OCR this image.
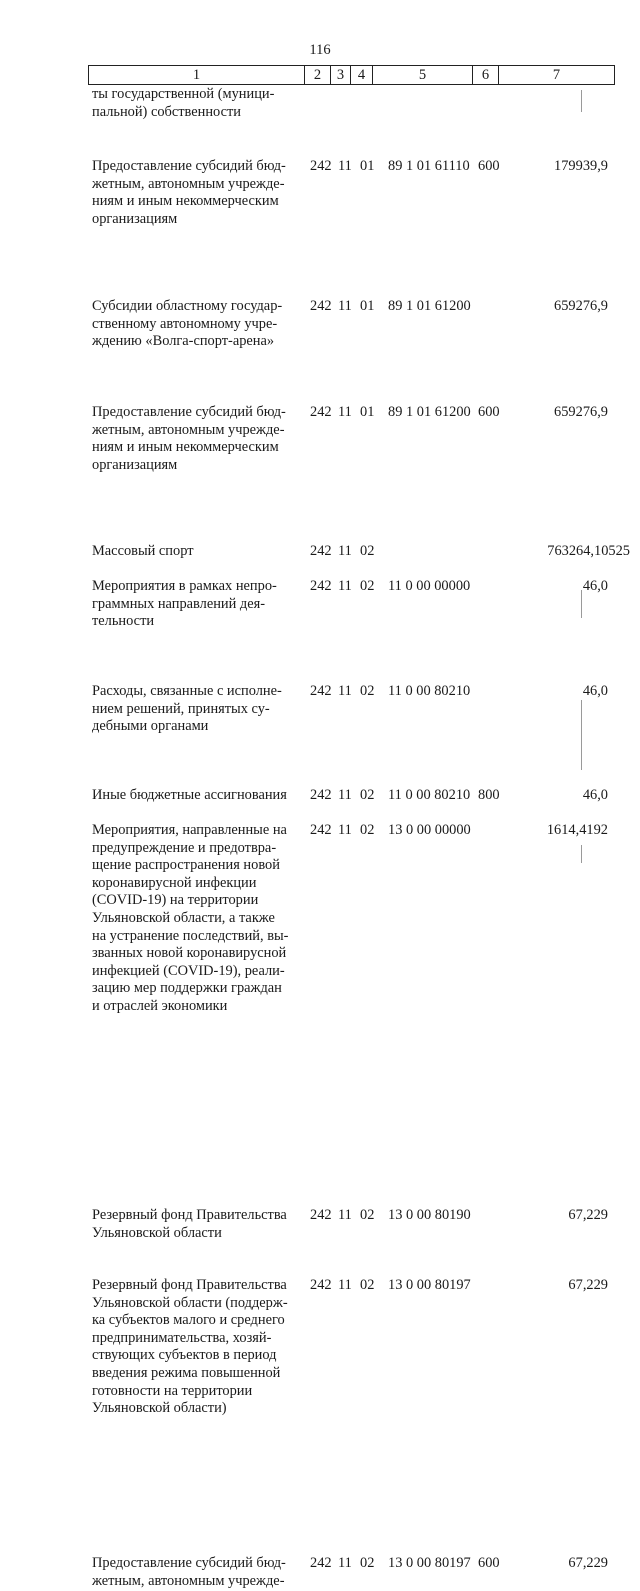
116
1	2	3	4	5	6	7
ты государственной (муници-
пальной) собственности
Предоставление субсидий бюд-
жетным, автономным учрежде-
ниям и иным некоммерческим
организациям
242 11 01 89 1 01 61110 600	179939,9
Субсидии областному государ-
ственному автономному учре-
ждению «Волга-спорт-арена»
242 11 01 89 1 01 61200	659276,9
Предоставление субсидий бюд-
жетным, автономным учрежде-
ниям и иным некоммерческим
организациям
242 11 01 89 1 01 61200 600	659276,9
Массовый спорт	242 11 02	763264,10525
Мероприятия в рамках непро-
граммных направлений дея-
тельности
242 11 02 11 0 00 00000	46,0
Расходы, связанные с исполне-
нием решений, принятых су-
дебными органами
242 11 02 11 0 00 80210	46,0
Иные бюджетные ассигнования	242 11 02 11 0 00 80210 800	46,0
Мероприятия, направленные на
предупреждение и предотвра-
щение распространения новой
коронавирусной инфекции
(COVID-19) на территории
Ульяновской области, а также
на устранение последствий, вы-
званных новой коронавирусной
инфекцией (COVID-19), реали-
зацию мер поддержки граждан
и отраслей экономики
242 11 02 13 0 00 00000	1614,4192
Резервный фонд Правительства
Ульяновской области
242 11 02 13 0 00 80190	67,229
Резервный фонд Правительства
Ульяновской области (поддерж-
ка субъектов малого и среднего
предпринимательства, хозяй-
ствующих субъектов в период
введения режима повышенной
готовности на территории
Ульяновской области)
242 11 02 13 0 00 80197	67,229
Предоставление субсидий бюд-
жетным, автономным учрежде-
242 11 02 13 0 00 80197 600	67,229
